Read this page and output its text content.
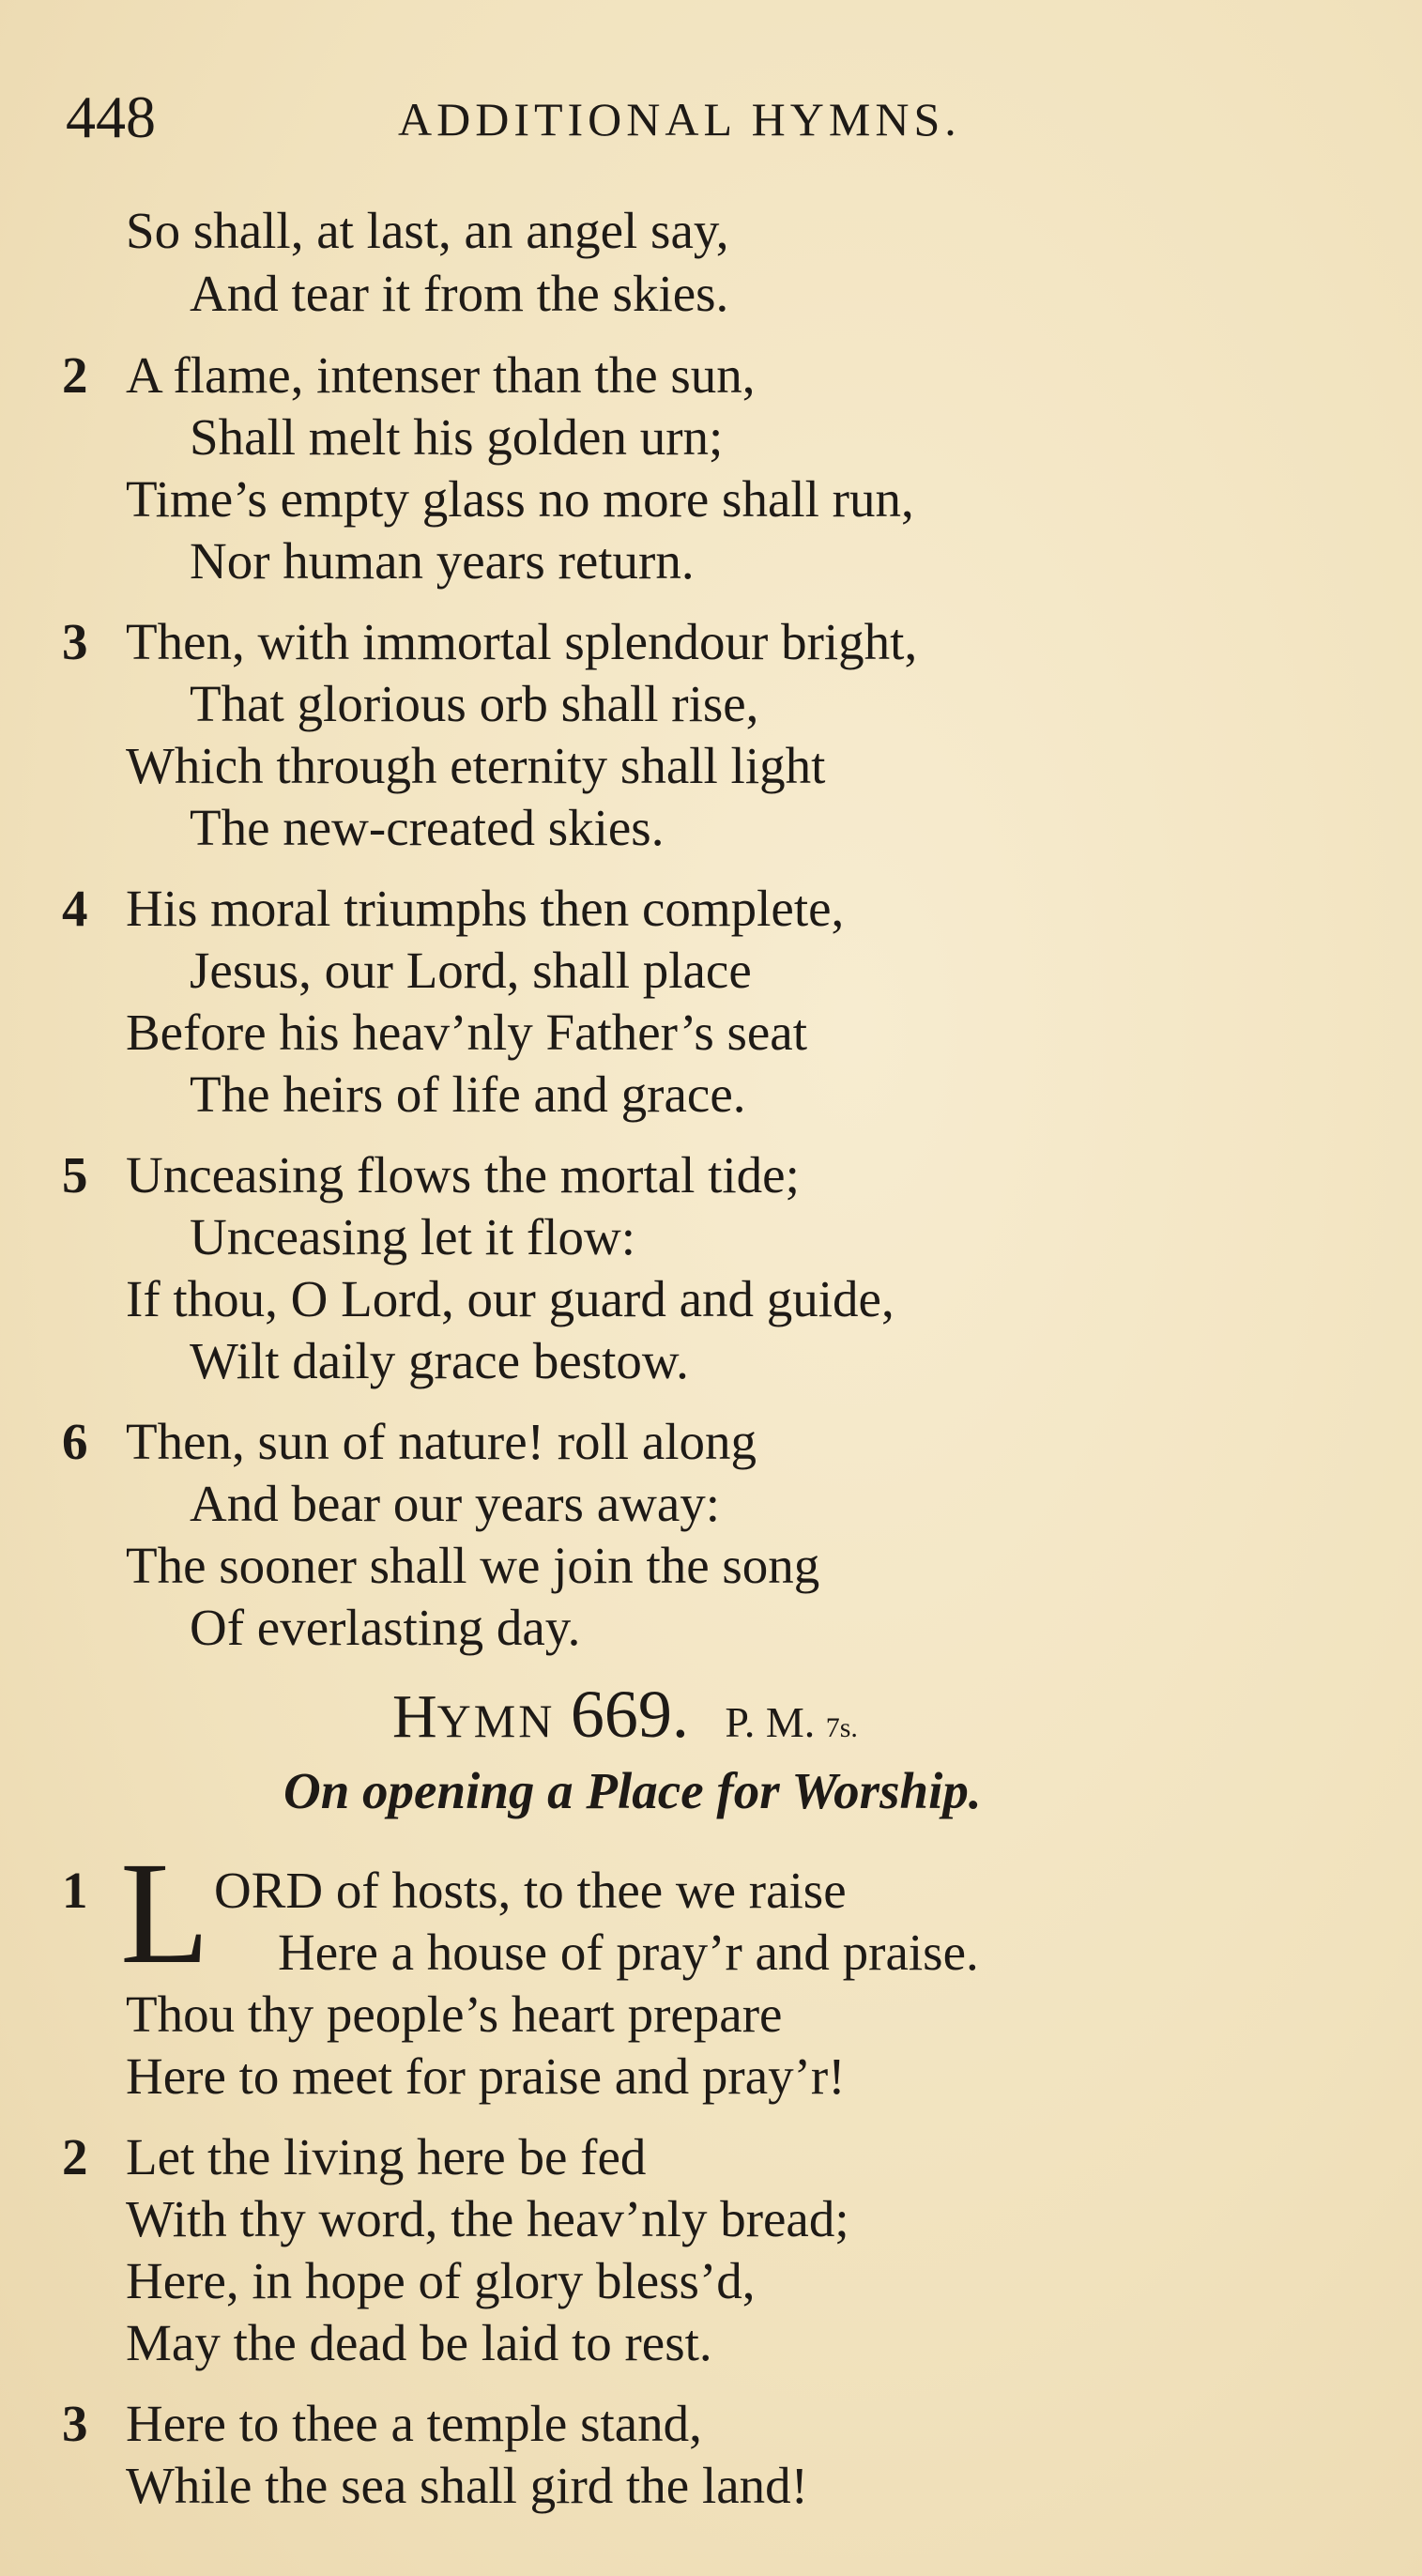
448	ADDITIONAL HYMNS.
So shall, at last, an angel say,
And tear it from the skies.
2 A flame, intenser than the sun,
Shall melt his golden urn;
Time’s empty glass no more shall run,
Nor human years return.
3 Then, with immortal splendour bright,
That glorious orb shall rise,
Which through eternity shall light
The new-created skies.
4 His moral triumphs then complete,
Jesus, our Lord, shall place
Before his heav’nly Father’s seat
The heirs of life and grace.
5 Unceasing flows the mortal tide;
Unceasing let it flow:
If thou, O Lord, our guard and guide,
Wilt daily grace bestow.
6 Then, sun of nature! roll along
And bear our years away:
The sooner shall we join the song
Of everlasting day.
HYMN 669. P. M. 7s.
On opening a Place for Worship.
1 L ORD of hosts, to thee we raise
Here a house of pray’r and praise.
Thou thy people’s heart prepare
Here to meet for praise and pray’r!
2 Let the living here be fed
With thy word, the heav’nly bread;
Here, in hope of glory bless’d,
May the dead be laid to rest.
3 Here to thee a temple stand,
While the sea shall gird the land!
